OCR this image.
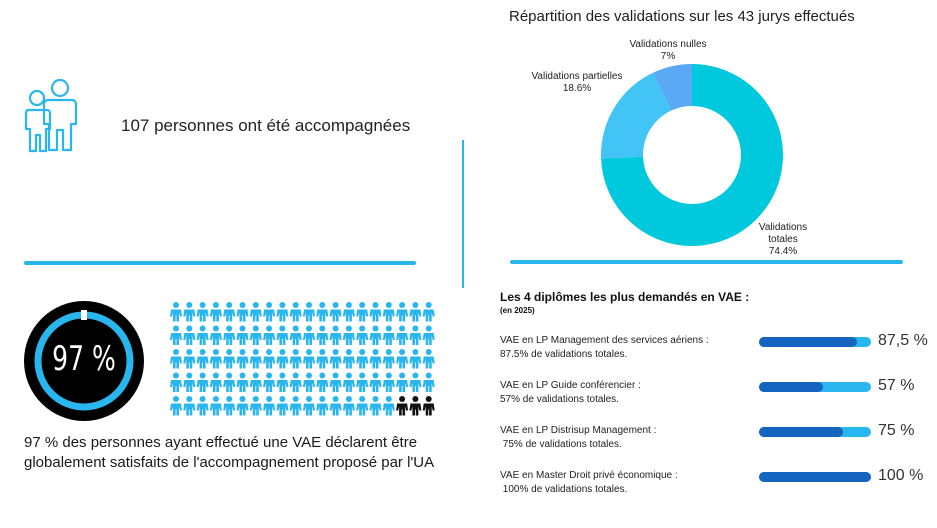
107 personnes ont été accompagnées
97 %
97 % des personnes ayant effectué une VAE déclarent être globalement satisfaits de l'accompagnement proposé par l'UA
Répartition des validations sur les 43 jurys effectués
Validations
totales
74.4%
Validations partielles
18.6%
Validations nulles
7%
Les 4 diplômes les plus demandés en VAE :
(en 2025)
VAE en LP Management des services aériens :
87.5% de validations totales.
87,5 %
VAE en LP Guide conférencier :
57% de validations totales.
57 %
VAE en LP Distrisup Management :
75% de validations totales.
75 %
VAE en Master Droit privé économique :
100% de validations totales.
100 %
